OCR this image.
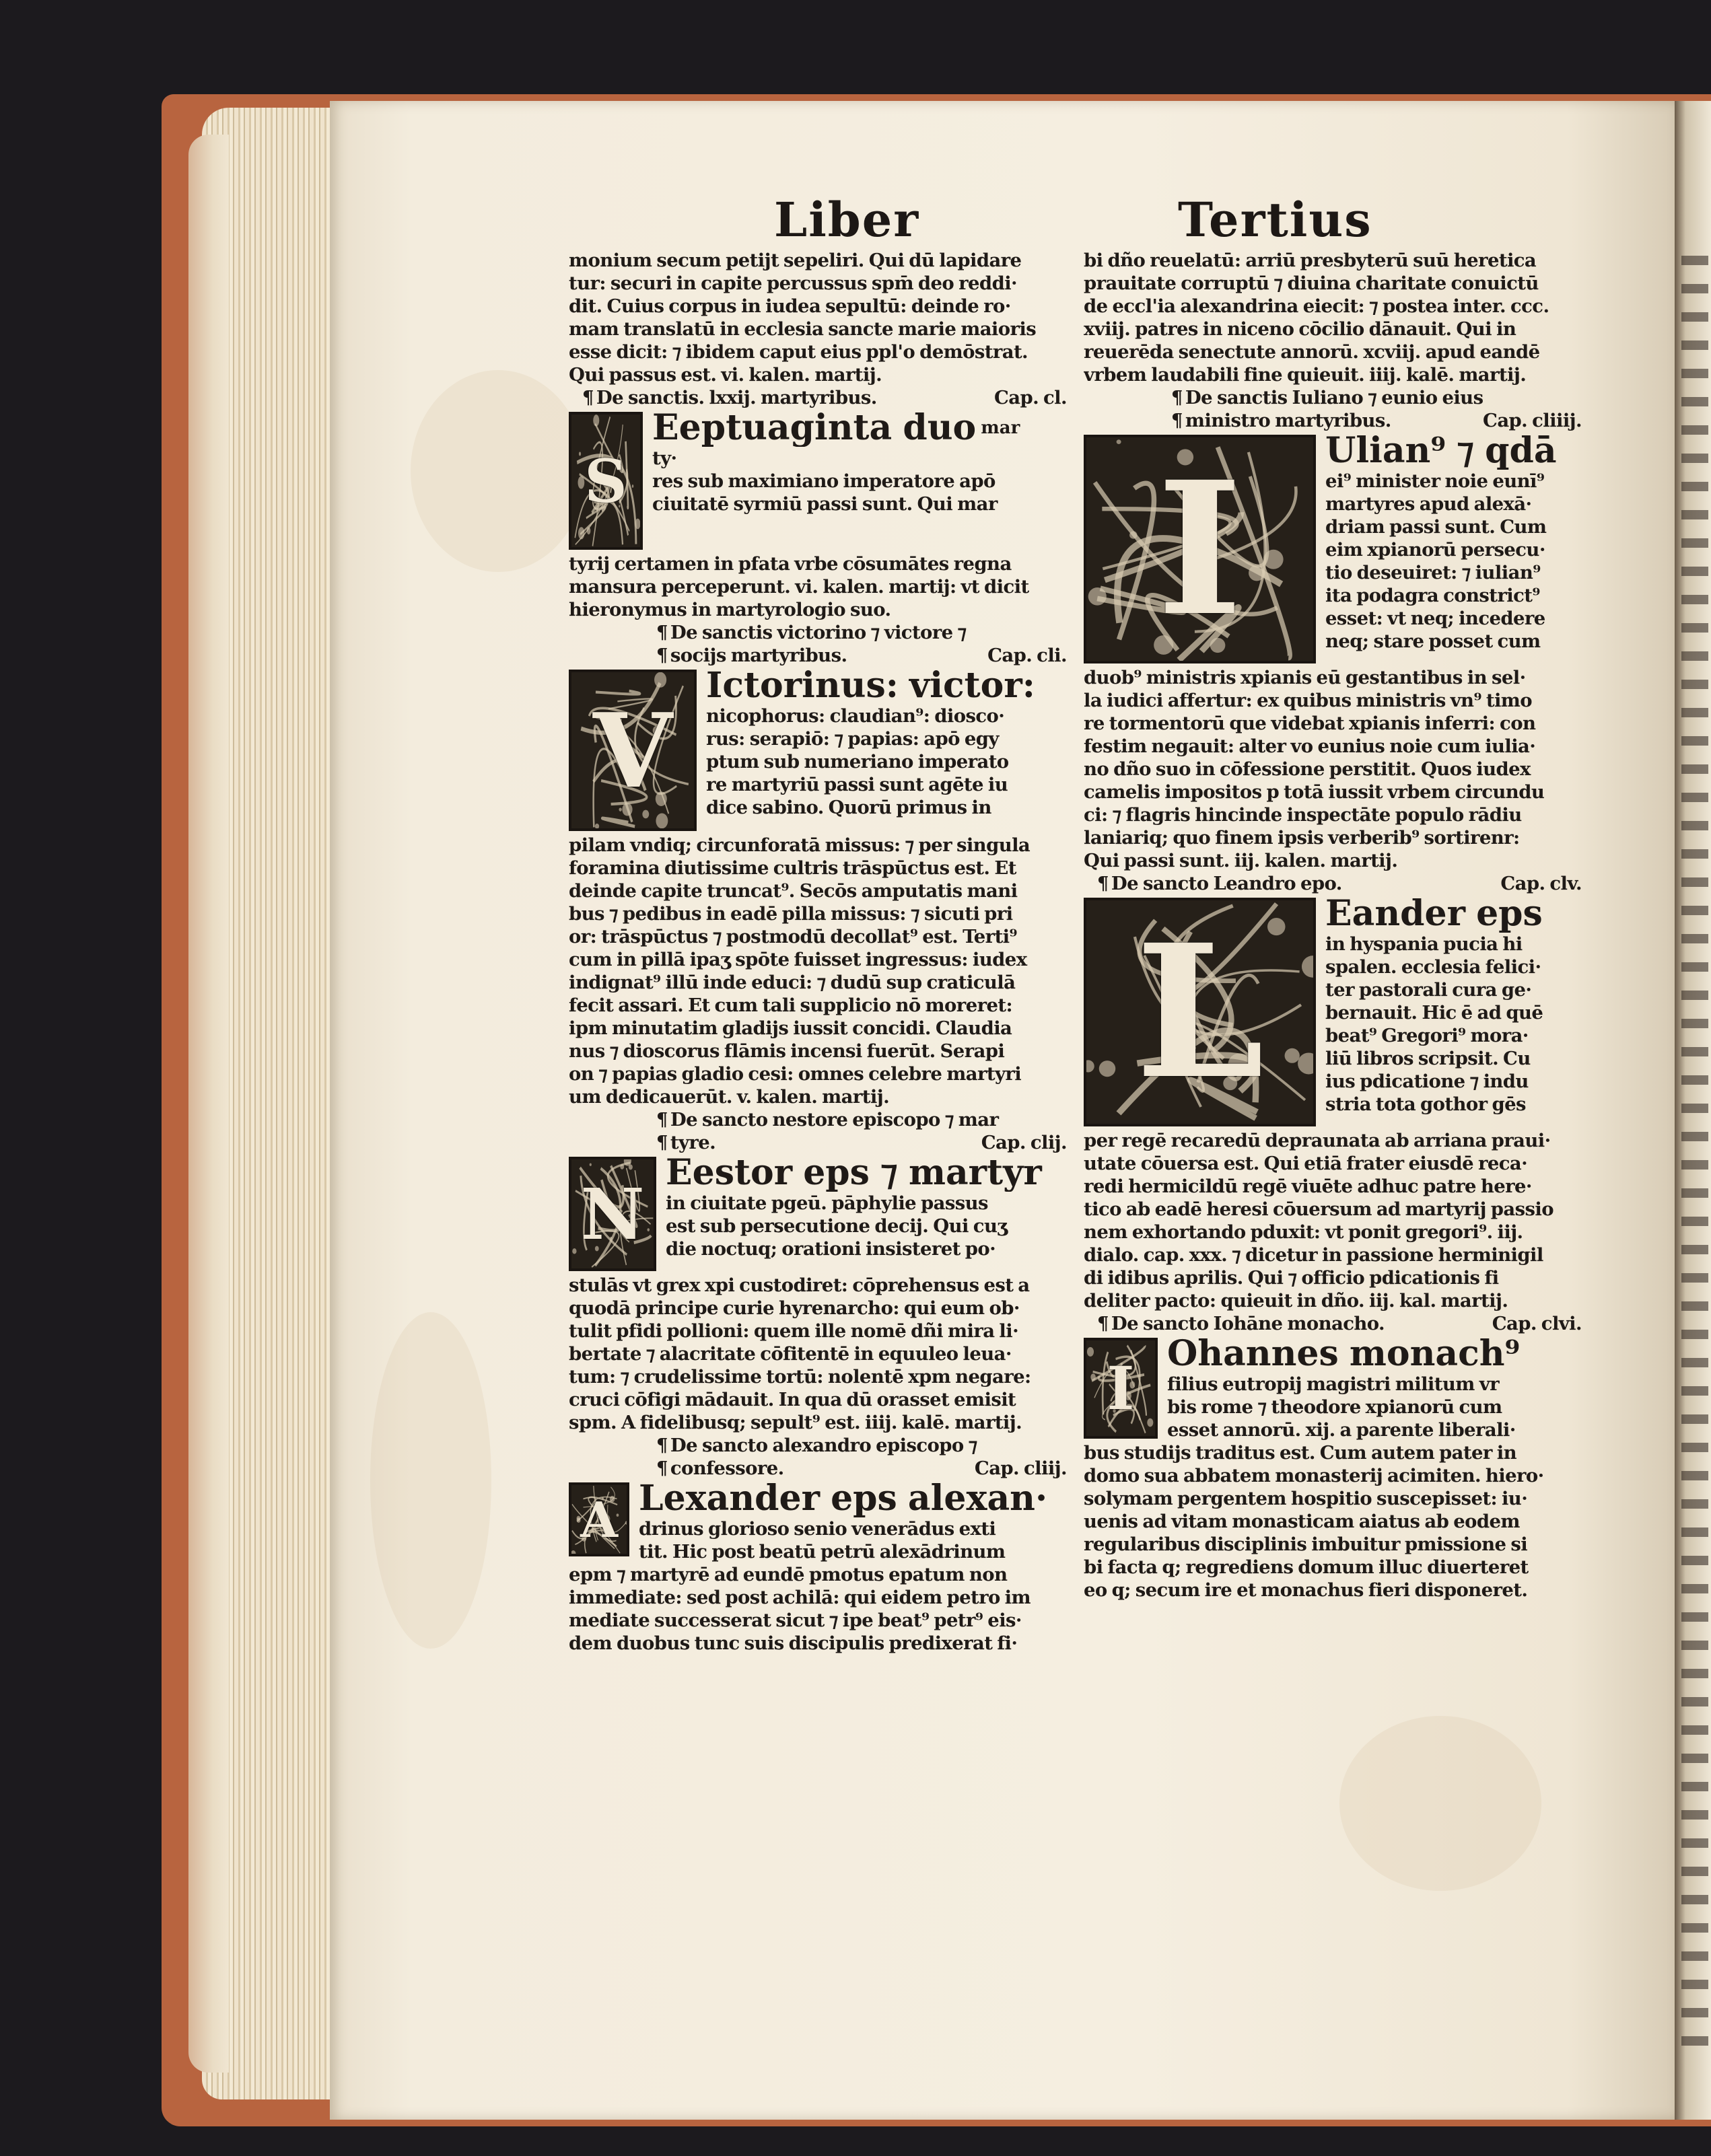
Liber	Tertius
monium secum petijt sepeliri. Qui dū lapidare
tur: securi in capite percussus spm̄ deo reddi·
dit. Cuius corpus in iudea sepultū: deinde ro·
mam translatū in ecclesia sancte marie maioris
esse dicit: ⁊ ibidem caput eius ppl'o demōstrat.
Qui passus est. vi. kalen. martij.
¶ De sanctis. lxxij. martyribus.	Cap. cl.
S
Eeptuaginta duo $^{mar}$
ty·
res sub maximiano imperatore apō
ciuitatē syrmiū passi sunt. Qui mar
tyrij certamen in pfata vrbe cōsumātes regna
mansura perceperunt. vi. kalen. martij: vt dicit
hieronymus in martyrologio suo.
¶ De sanctis victorino ⁊ victore ⁊
¶ socijs martyribus.	Cap. cli.
V
Ictorinus: victor:
nicophorus: claudian⁹: diosco·
rus: serapiō: ⁊ papias: apō egy
ptum sub numeriano imperato
re martyriū passi sunt agēte iu
dice sabino. Quorū primus in
pilam vndiq; circunforatā missus: ⁊ per singula
foramina diutissime cultris trāspūctus est. Et
deinde capite truncat⁹. Secōs amputatis mani
bus ⁊ pedibus in eadē pilla missus: ⁊ sicuti pri
or: trāspūctus ⁊ postmodū decollat⁹ est. Terti⁹
cum in pillā ipaʒ spōte fuisset ingressus: iudex
indignat⁹ illū inde educi: ⁊ dudū sup craticulā
fecit assari. Et cum tali supplicio nō moreret:
ipm minutatim gladijs iussit concidi. Claudia
nus ⁊ dioscorus flāmis incensi fuerūt. Serapi
on ⁊ papias gladio cesi: omnes celebre martyri
um dedicauerūt. v. kalen. martij.
¶ De sancto nestore episcopo ⁊ mar
¶ tyre.	Cap. clij.
N Eestor eps ⁊ martyr
in ciuitate pgeū. pāphylie passus
est sub persecutione decij. Qui cuʒ
die noctuq; orationi insisteret po·
stulās vt grex xpi custodiret: cōprehensus est a
quodā principe curie hyrenarcho: qui eum ob·
tulit pfidi pollioni: quem ille nomē dñi mira li·
bertate ⁊ alacritate cōfitentē in equuleo leua·
tum: ⁊ crudelissime tortū: nolentē xpm negare:
cruci cōfigi mādauit. In qua dū orasset emisit
spm. A fidelibusq; sepult⁹ est. iiij. kalē. martij.
¶ De sancto alexandro episcopo ⁊
¶ confessore.	Cap. cliij.
A Lexander eps alexan·
drinus glorioso senio venerādus exti
tit. Hic post beatū petrū alexādrinum
epm ⁊ martyrē ad eundē pmotus epatum non
immediate: sed post achilā: qui eidem petro im
mediate successerat sicut ⁊ ipe beat⁹ petr⁹ eis·
dem duobus tunc suis discipulis predixerat fi·
bi dño reuelatū: arriū presbyterū suū heretica
prauitate corruptū ⁊ diuina charitate conuictū
de eccl'ia alexandrina eiecit: ⁊ postea inter. ccc.
xviij. patres in niceno cōcilio dānauit. Qui in
reuerēda senectute annorū. xcviij. apud eandē
vrbem laudabili fine quieuit. iiij. kalē. martij.
¶ De sanctis Iuliano ⁊ eunio eius
¶ ministro martyribus.	Cap. cliiij.
I	Ulian⁹ ⁊ qdā
ei⁹ minister noie eunī⁹
martyres apud alexā·
driam passi sunt. Cum
eim xpianorū persecu·
tio deseuiret: ⁊ iulian⁹
ita podagra constrict⁹
esset: vt neq; incedere
neq; stare posset cum
duob⁹ ministris xpianis eū gestantibus in sel·
la iudici affertur: ex quibus ministris vn⁹ timo
re tormentorū que videbat xpianis inferri: con
festim negauit: alter vo eunius noie cum iulia·
no dño suo in cōfessione perstitit. Quos iudex
camelis impositos p totā iussit vrbem circundu
ci: ⁊ flagris hincinde inspectāte populo rādiu
laniariq; quo finem ipsis verberib⁹ sortirenr:
Qui passi sunt. iij. kalen. martij.
¶ De sancto Leandro epo.	Cap. clv.
L	Eander eps
in hyspania pucia hi
spalen. ecclesia felici·
ter pastorali cura ge·
bernauit. Hic ē ad quē
beat⁹ Gregori⁹ mora·
liū libros scripsit. Cu
ius pdicatione ⁊ indu
stria tota gothor gēs
per regē recaredū depraunata ab arriana praui·
utate cōuersa est. Qui etiā frater eiusdē reca·
redi hermicildū regē viuēte adhuc patre here·
tico ab eadē heresi cōuersum ad martyrij passio
nem exhortando pduxit: vt ponit gregori⁹. iij.
dialo. cap. xxx. ⁊ dicetur in passione herminigil
di idibus aprilis. Qui ⁊ officio pdicationis fi
deliter pacto: quieuit in dño. iij. kal. martij.
¶ De sancto Iohāne monacho.	Cap. clvi.
I Ohannes monach⁹
filius eutropij magistri militum vr
bis rome ⁊ theodore xpianorū cum
esset annorū. xij. a parente liberali·
bus studijs traditus est. Cum autem pater in
domo sua abbatem monasterij acimiten. hiero·
solymam pergentem hospitio suscepisset: iu·
uenis ad vitam monasticam aiatus ab eodem
regularibus disciplinis imbuitur pmissione si
bi facta q; regrediens domum illuc diuerteret
eo q; secum ire et monachus fieri disponeret.
